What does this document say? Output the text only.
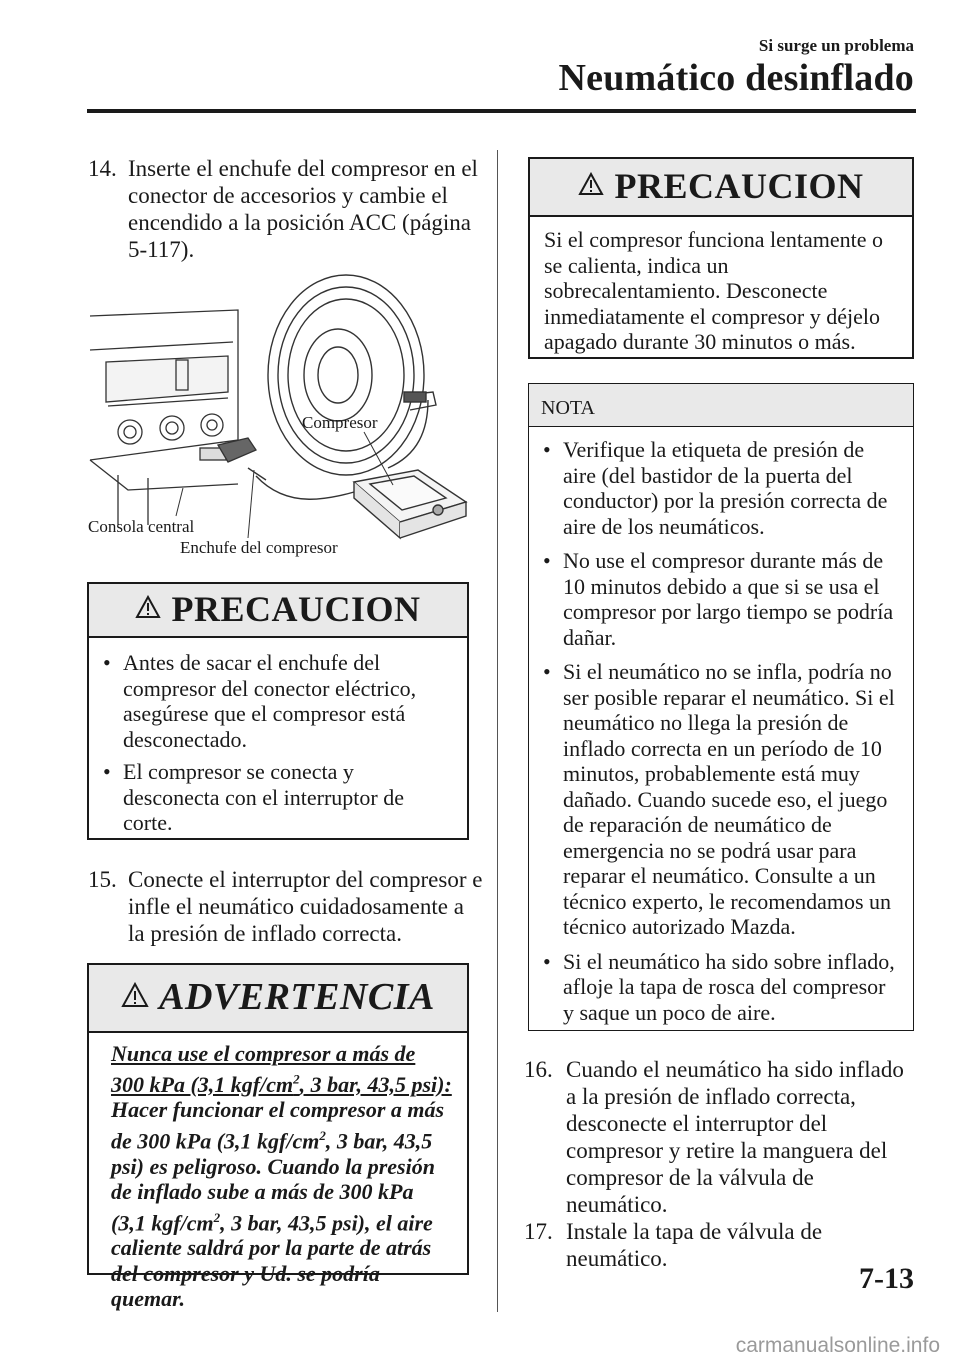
Si surge un problema
Neumático desinflado
14. Inserte el enchufe del compresor en el conector de accesorios y cambie el encendido a la posición ACC (página 5-117).
Compresor
Consola central
Enchufe del compresor
PRECAUCION
• Antes de sacar el enchufe del compresor del conector eléctrico, asegúrese que el compresor está desconectado.
• El compresor se conecta y desconecta con el interruptor de corte.
15. Conecte el interruptor del compresor e infle el neumático cuidadosamente a la presión de inflado correcta.
ADVERTENCIA
Nunca use el compresor a más de 300 kPa (3,1 kgf/$cm^2$, 3 bar, 43,5 psi): Hacer funcionar el compresor a más de 300 kPa (3,1 kgf/$cm^2$, 3 bar, 43,5 psi) es peligroso. Cuando la presión de inflado sube a más de 300 kPa (3,1 kgf/$cm^2$, 3 bar, 43,5 psi), el aire caliente saldrá por la parte de atrás del compresor y Ud. se podría quemar.
PRECAUCION
Si el compresor funciona lentamente o se calienta, indica un sobrecalentamiento. Desconecte inmediatamente el compresor y déjelo apagado durante 30 minutos o más.
NOTA
• Verifique la etiqueta de presión de aire (del bastidor de la puerta del conductor) por la presión correcta de aire de los neumáticos.
• No use el compresor durante más de 10 minutos debido a que si se usa el compresor por largo tiempo se podría dañar.
• Si el neumático no se infla, podría no ser posible reparar el neumático. Si el neumático no llega la presión de inflado correcta en un período de 10 minutos, probablemente está muy dañado. Cuando sucede eso, el juego de reparación de neumático de emergencia no se podrá usar para reparar el neumático. Consulte a un técnico experto, le recomendamos un técnico autorizado Mazda.
• Si el neumático ha sido sobre inflado, afloje la tapa de rosca del compresor y saque un poco de aire.
16. Cuando el neumático ha sido inflado a la presión de inflado correcta, desconecte el interruptor del compresor y retire la manguera del compresor de la válvula de neumático.
17. Instale la tapa de válvula de neumático.
7-13
carmanualsonline.info
